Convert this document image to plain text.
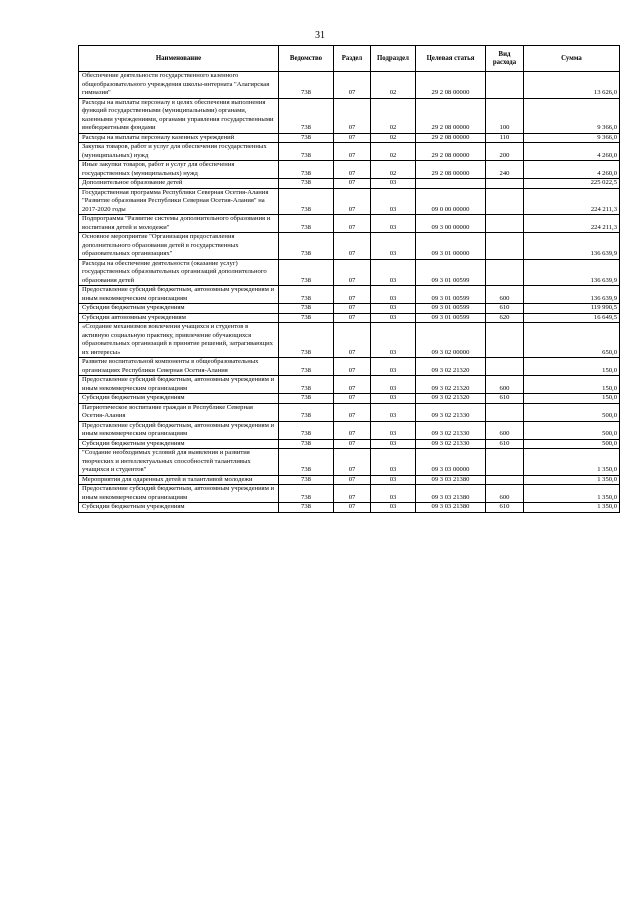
31
Наименование	Ведомство	Раздел	Подраздел	Целевая статья	Вид расхода	Сумма
Обеспечение деятельности государственного казенного общеобразовательного учреждения школы-интерната "Алагирская гимназия"	738	07	02	29 2 08 00000		13 626,0
Расходы на выплаты персоналу в целях обеспечения выполнения функций государственными (муниципальными) органами, казенными учреждениями, органами управления государственными внебюджетными фондами	738	07	02	29 2 08 00000	100	9 366,0
Расходы на выплаты персоналу казенных учреждений	738	07	02	29 2 08 00000	110	9 366,0
Закупка товаров, работ и услуг для обеспечения государственных (муниципальных) нужд	738	07	02	29 2 08 00000	200	4 260,0
Иные закупки товаров, работ и услуг для обеспечения государственных (муниципальных) нужд	738	07	02	29 2 08 00000	240	4 260,0
Дополнительное образование детей	738	07	03			225 022,5
Государственная программа Республики Северная Осетия-Алания "Развитие образования Республики Северная Осетия-Алания" на 2017-2020 годы	738	07	03	09 0 00 00000		224 211,3
Подпрограмма "Развитие системы дополнительного образования и воспитания детей и молодежи"	738	07	03	09 3 00 00000		224 211,3
Основное мероприятие "Организация предоставления дополнительного образования детей в государственных образовательных организациях"	738	07	03	09 3 01 00000		136 639,9
Расходы на обеспечение деятельности (оказание услуг) государственных образовательных организаций дополнительного образования детей	738	07	03	09 3 01 00599		136 639,9
Предоставление субсидий бюджетным, автономным учреждениям и иным некоммерческим организациям	738	07	03	09 3 01 00599	600	136 639,9
Субсидии бюджетным учреждениям	738	07	03	09 3 01 00599	610	119 990,5
Субсидии автономным учреждениям	738	07	03	09 3 01 00599	620	16 649,5
«Создание механизмов вовлечения учащихся и студентов в активную социальную практику, привлечение обучающихся образовательных организаций в принятие решений, затрагивающих их интересы»	738	07	03	09 3 02 00000		650,0
Развитие воспитательной компоненты в общеобразовательных организациях Республики Северная Осетия-Алания	738	07	03	09 3 02 21320		150,0
Предоставление субсидий бюджетным, автономным учреждениям и иным некоммерческим организациям	738	07	03	09 3 02 21320	600	150,0
Субсидии бюджетным учреждениям	738	07	03	09 3 02 21320	610	150,0
Патриотическое воспитание граждан в Республике Северная Осетия-Алания	738	07	03	09 3 02 21330		500,0
Предоставление субсидий бюджетным, автономным учреждениям и иным некоммерческим организациям	738	07	03	09 3 02 21330	600	500,0
Субсидии бюджетным учреждениям	738	07	03	09 3 02 21330	610	500,0
"Создание необходимых условий для выявления и развития творческих и интеллектуальных способностей талантливых учащихся и студентов"	738	07	03	09 3 03 00000		1 350,0
Мероприятия для одаренных детей и талантливой молодежи	738	07	03	09 3 03 21380		1 350,0
Предоставление субсидий бюджетным, автономным учреждениям и иным некоммерческим организациям	738	07	03	09 3 03 21380	600	1 350,0
Субсидии бюджетным учреждениям	738	07	03	09 3 03 21380	610	1 350,0
